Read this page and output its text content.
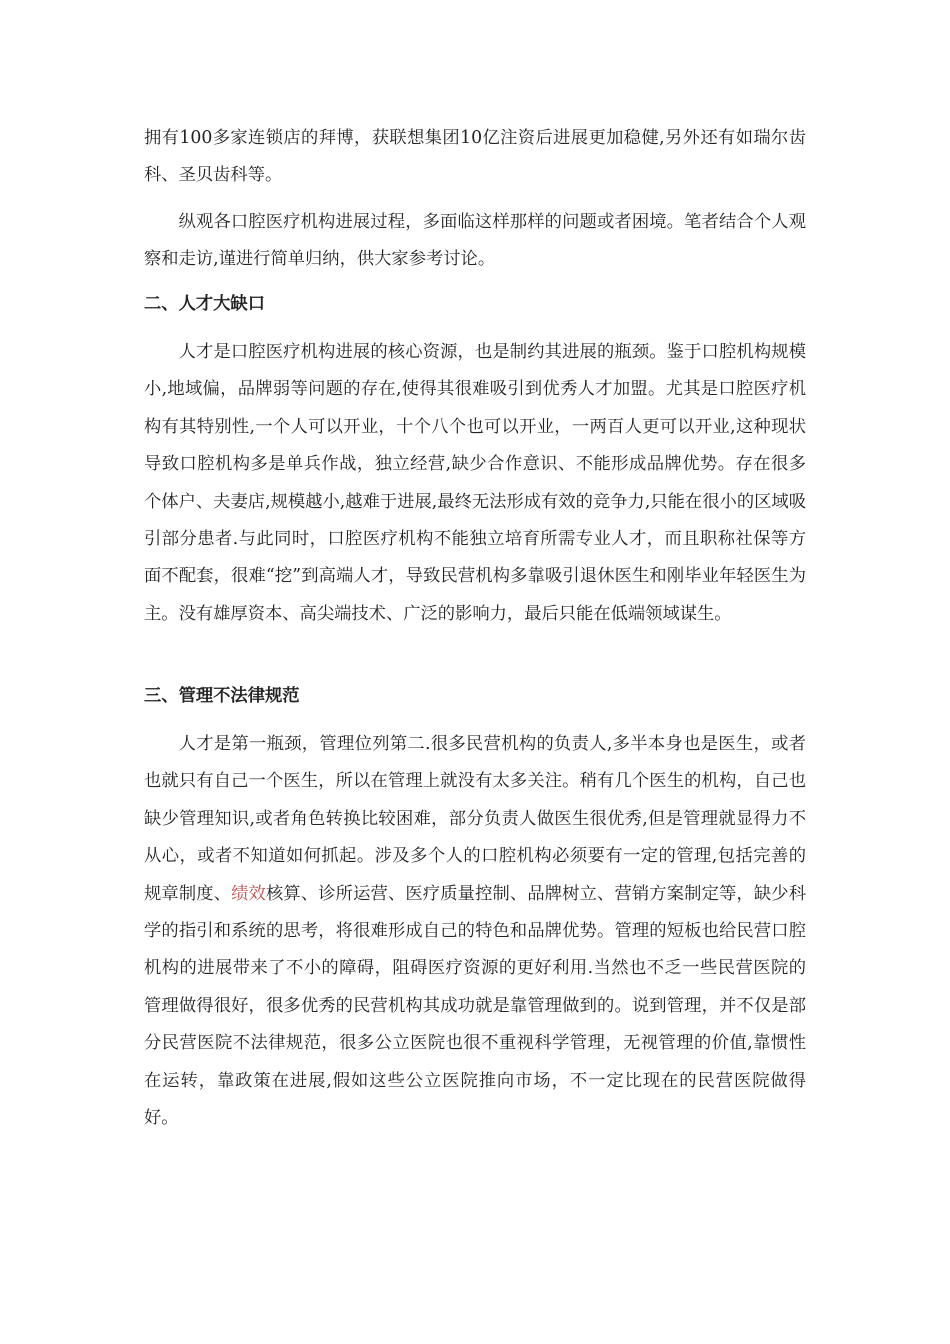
拥有100多家连锁店的拜博，获联想集团10亿注资后进展更加稳健,另外还有如瑞尔齿科、圣贝齿科等。

纵观各口腔医疗机构进展过程，多面临这样那样的问题或者困境。笔者结合个人观察和走访,谨进行简单归纳，供大家参考讨论。

二、人才大缺口

人才是口腔医疗机构进展的核心资源，也是制约其进展的瓶颈。鉴于口腔机构规模小,地域偏，品牌弱等问题的存在,使得其很难吸引到优秀人才加盟。尤其是口腔医疗机构有其特别性,一个人可以开业，十个八个也可以开业，一两百人更可以开业,这种现状导致口腔机构多是单兵作战，独立经营,缺少合作意识、不能形成品牌优势。存在很多个体户、夫妻店,规模越小,越难于进展,最终无法形成有效的竞争力,只能在很小的区域吸引部分患者.与此同时，口腔医疗机构不能独立培育所需专业人才，而且职称社保等方面不配套，很难“挖”到高端人才，导致民营机构多靠吸引退休医生和刚毕业年轻医生为主。没有雄厚资本、高尖端技术、广泛的影响力，最后只能在低端领域谋生。

三、管理不法律规范

人才是第一瓶颈，管理位列第二.很多民营机构的负责人,多半本身也是医生，或者也就只有自己一个医生，所以在管理上就没有太多关注。稍有几个医生的机构，自己也缺少管理知识,或者角色转换比较困难，部分负责人做医生很优秀,但是管理就显得力不从心，或者不知道如何抓起。涉及多个人的口腔机构必须要有一定的管理,包括完善的规章制度、绩效核算、诊所运营、医疗质量控制、品牌树立、营销方案制定等，缺少科学的指引和系统的思考，将很难形成自己的特色和品牌优势。管理的短板也给民营口腔机构的进展带来了不小的障碍，阻碍医疗资源的更好利用.当然也不乏一些民营医院的管理做得很好，很多优秀的民营机构其成功就是靠管理做到的。说到管理，并不仅是部分民营医院不法律规范，很多公立医院也很不重视科学管理，无视管理的价值,靠惯性在运转，靠政策在进展,假如这些公立医院推向市场，不一定比现在的民营医院做得好。
